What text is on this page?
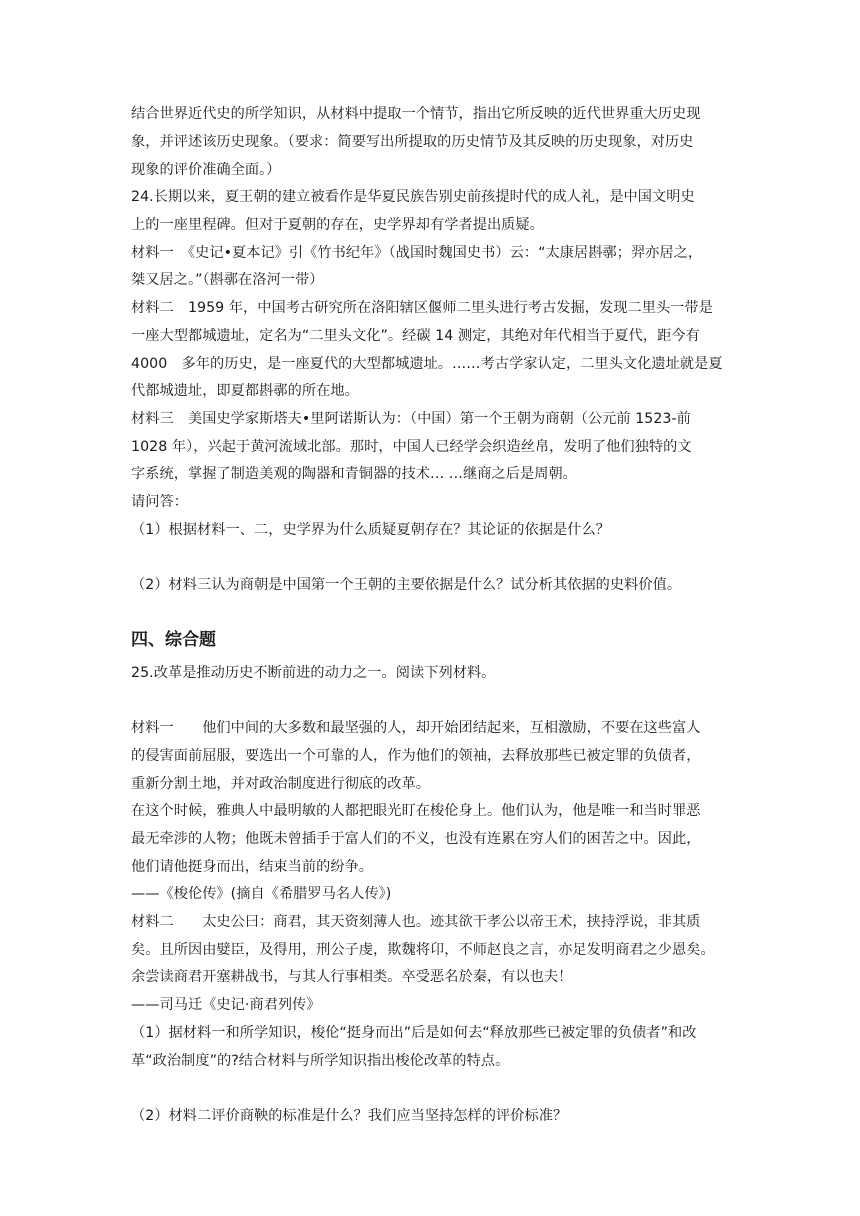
结合世界近代史的所学知识，从材料中提取一个情节，指出它所反映的近代世界重大历史现
象，并评述该历史现象。（要求：简要写出所提取的历史情节及其反映的历史现象，对历史
现象的评价准确全面。）
24.长期以来，夏王朝的建立被看作是华夏民族告别史前孩提时代的成人礼，是中国文明史
上的一座里程碑。但对于夏朝的存在，史学界却有学者提出质疑。
材料一　《史记•夏本记》引《竹书纪年》（战国时魏国史书）云：“太康居斟鄩；羿亦居之，
桀又居之。”（斟鄩在洛河一带）
材料二　1959 年，中国考古研究所在洛阳辖区偃师二里头进行考古发掘，发现二里头一带是
一座大型都城遗址，定名为“二里头文化”。经碳 14 测定，其绝对年代相当于夏代，距今有
4000　多年的历史，是一座夏代的大型都城遗址。……考古学家认定，二里头文化遗址就是夏
代都城遗址，即夏都斟鄩的所在地。
材料三　美国史学家斯塔夫•里阿诺斯认为：（中国）第一个王朝为商朝（公元前 1523-前
1028 年），兴起于黄河流域北部。那时，中国人已经学会织造丝帛，发明了他们独特的文
字系统，掌握了制造美观的陶器和青铜器的技术… …继商之后是周朝。
请问答：
（1）根据材料一、二，史学界为什么质疑夏朝存在？其论证的依据是什么？
（2）材料三认为商朝是中国第一个王朝的主要依据是什么？试分析其依据的史料价值。
四、综合题
25.改革是推动历史不断前进的动力之一。阅读下列材料。
材料一　　他们中间的大多数和最坚强的人，却开始团结起来，互相激励，不要在这些富人
的侵害面前屈服，要选出一个可靠的人，作为他们的领袖，去释放那些已被定罪的负债者，
重新分割土地，并对政治制度进行彻底的改革。
在这个时候，雅典人中最明敏的人都把眼光盯在梭伦身上。他们认为，他是唯一和当时罪恶
最无牵涉的人物；他既未曾插手于富人们的不义，也没有连累在穷人们的困苦之中。因此，
他们请他挺身而出，结束当前的纷争。
——《梭伦传》(摘自《希腊罗马名人传》)
材料二　　太史公曰：商君，其天资刻薄人也。迹其欲干孝公以帝王术，挟持浮说，非其质
矣。且所因由嬖臣，及得用，刑公子虔，欺魏将卬，不师赵良之言，亦足发明商君之少恩矣。
余尝读商君开塞耕战书，与其人行事相类。卒受恶名於秦，有以也夫！
——司马迁《史记·商君列传》
（1）据材料一和所学知识，梭伦“挺身而出”后是如何去“释放那些已被定罪的负债者”和改
革“政治制度”的?结合材料与所学知识指出梭伦改革的特点。
（2）材料二评价商鞅的标准是什么？我们应当坚持怎样的评价标准？
